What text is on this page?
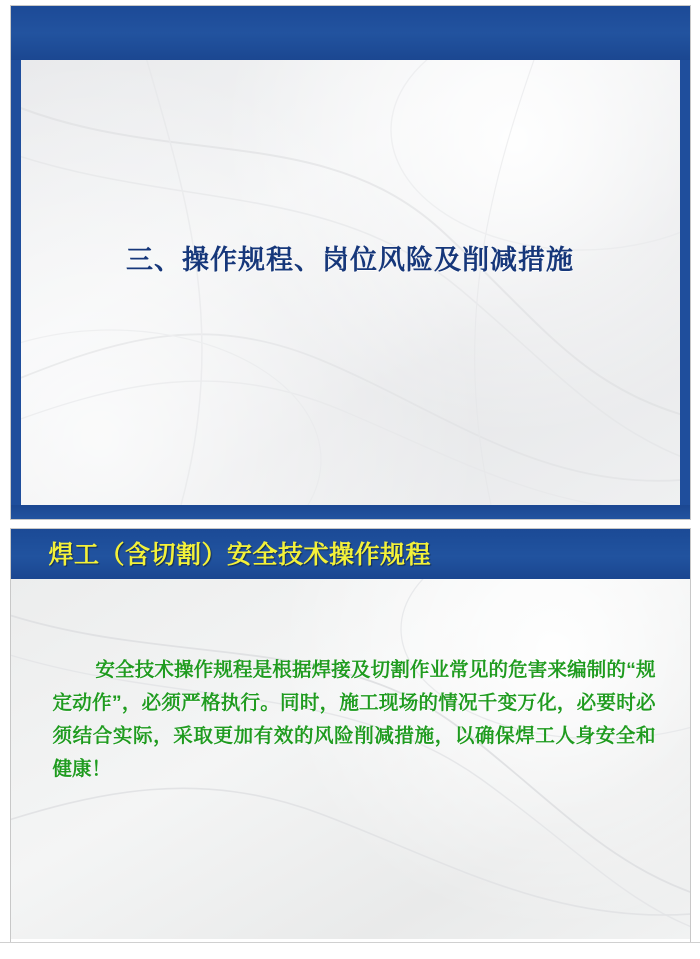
三、操作规程、岗位风险及削减措施
焊工（含切割）安全技术操作规程
安全技术操作规程是根据焊接及切割作业常见的危害来编制的“规定动作”，必须严格执行。同时，施工现场的情况千变万化，必要时必须结合实际，采取更加有效的风险削减措施，以确保焊工人身安全和健康！
